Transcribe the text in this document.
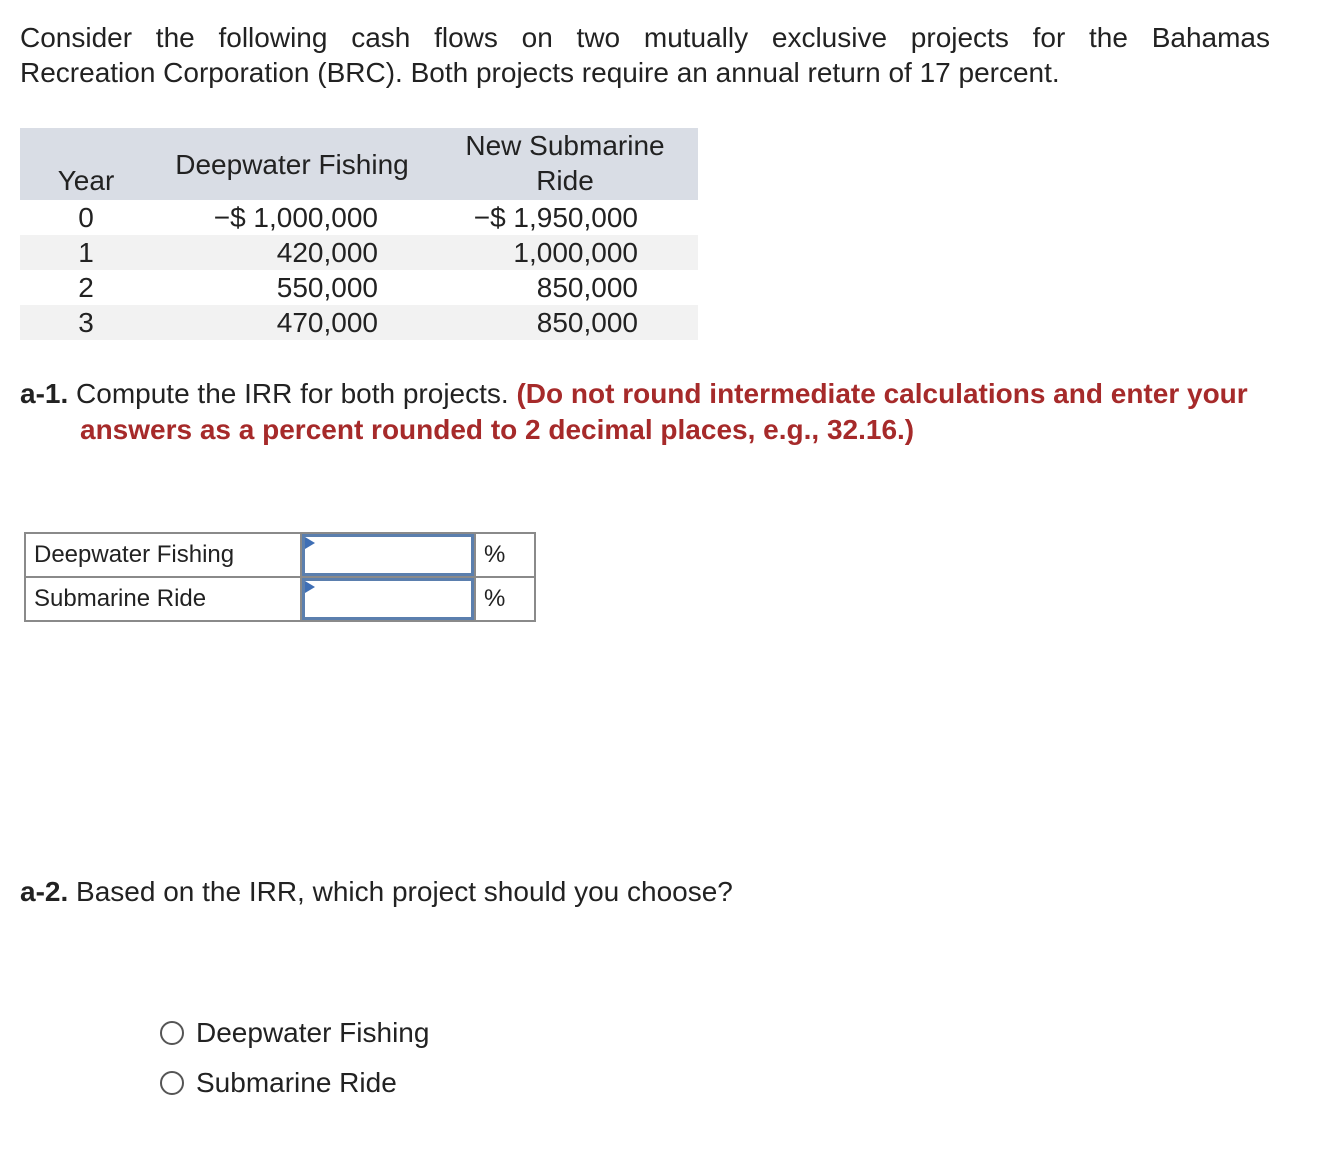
Consider the following cash flows on two mutually exclusive projects for the Bahamas
Recreation Corporation (BRC). Both projects require an annual return of 17 percent.

Year	Deepwater Fishing	New Submarine
Ride
0	−$ 1,000,000	−$ 1,950,000
1	420,000	1,000,000
2	550,000	850,000
3	470,000	850,000

a-1. Compute the IRR for both projects. (Do not round intermediate calculations and enter your answers as a percent rounded to 2 decimal places, e.g., 32.16.)

Deepwater Fishing		%
Submarine Ride		%

a-2. Based on the IRR, which project should you choose?

Deepwater Fishing
Submarine Ride
